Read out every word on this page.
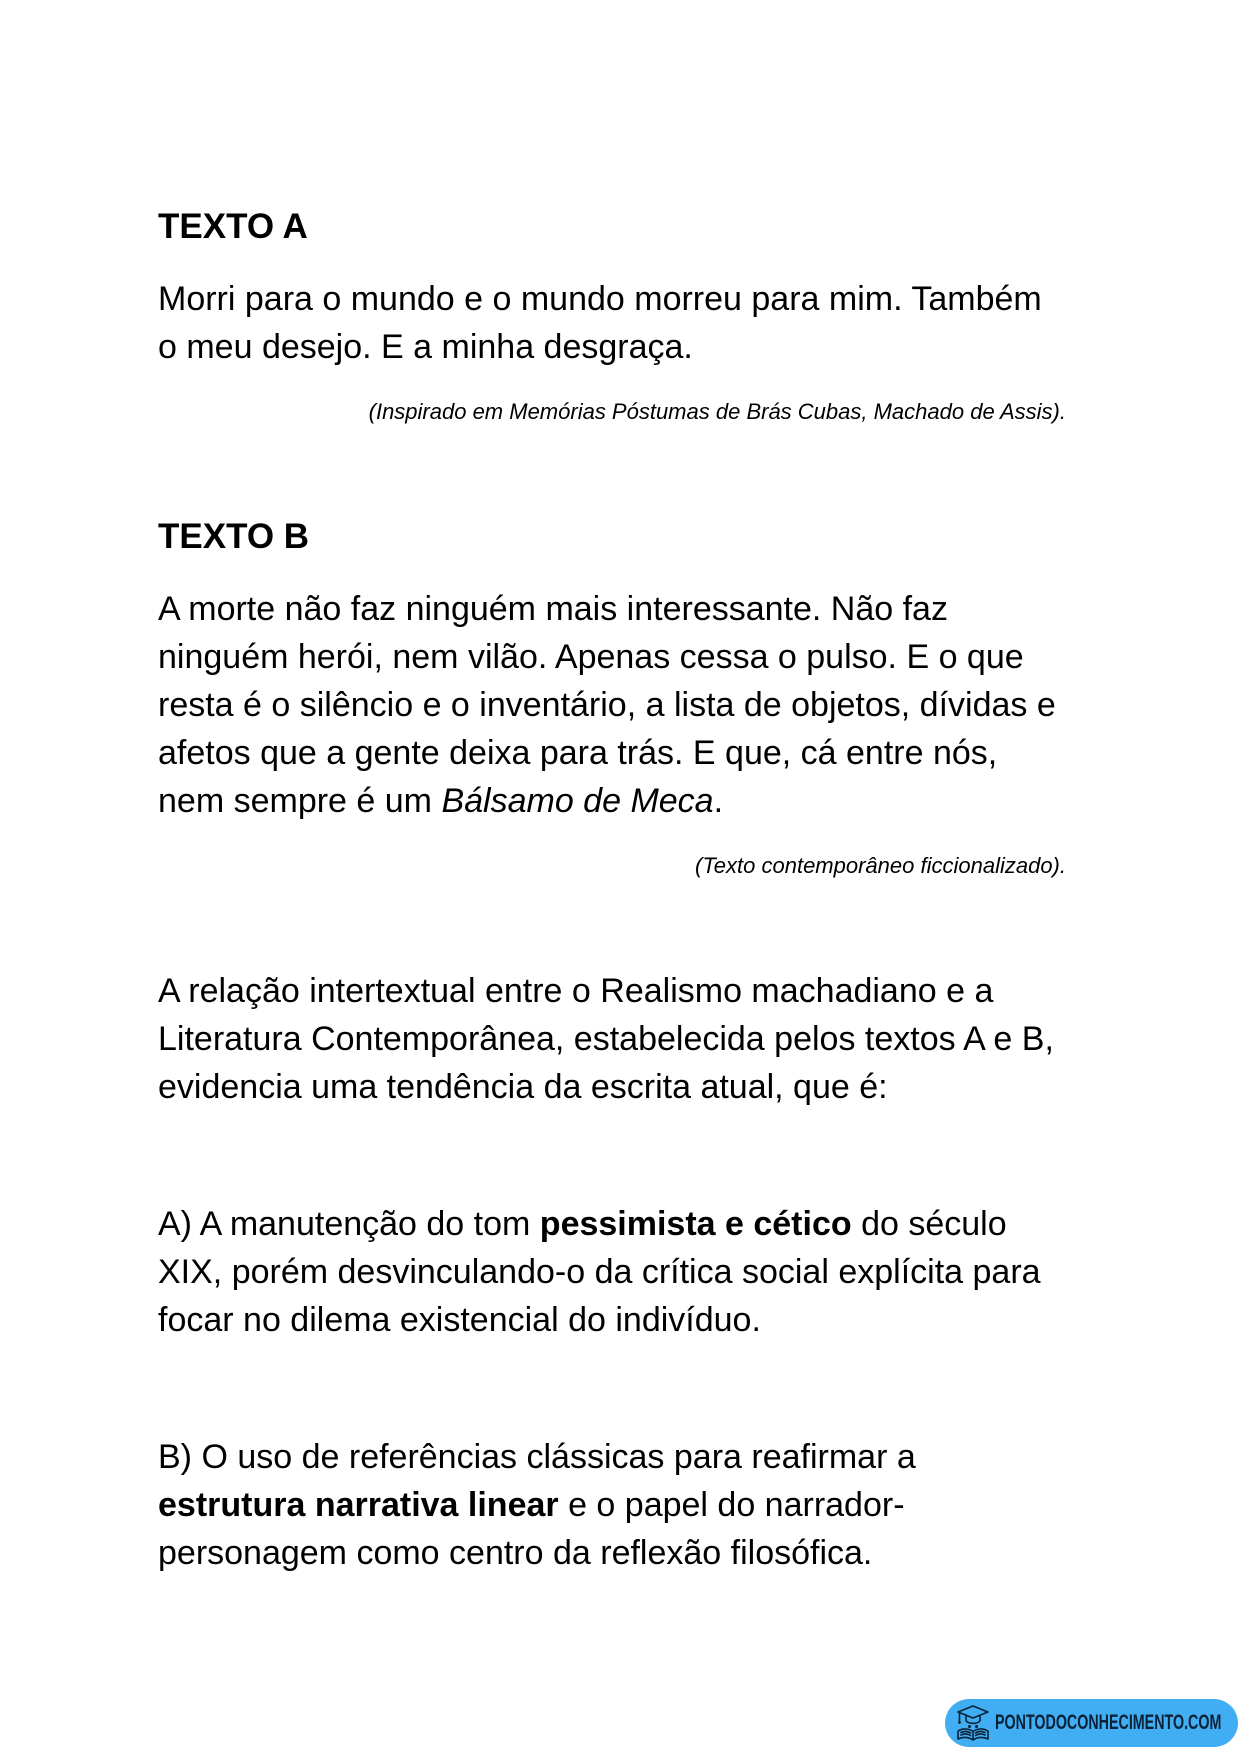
TEXTO A

Morri para o mundo e o mundo morreu para mim. Também o meu desejo. E a minha desgraça.

(Inspirado em Memórias Póstumas de Brás Cubas, Machado de Assis).

TEXTO B

A morte não faz ninguém mais interessante. Não faz ninguém herói, nem vilão. Apenas cessa o pulso. E o que resta é o silêncio e o inventário, a lista de objetos, dívidas e afetos que a gente deixa para trás. E que, cá entre nós, nem sempre é um Bálsamo de Meca.

(Texto contemporâneo ficcionalizado).

A relação intertextual entre o Realismo machadiano e a Literatura Contemporânea, estabelecida pelos textos A e B, evidencia uma tendência da escrita atual, que é:

A) A manutenção do tom pessimista e cético do século XIX, porém desvinculando-o da crítica social explícita para focar no dilema existencial do indivíduo.

B) O uso de referências clássicas para reafirmar a estrutura narrativa linear e o papel do narrador-personagem como centro da reflexão filosófica.

PONTODOCONHECIMENTO.COM
